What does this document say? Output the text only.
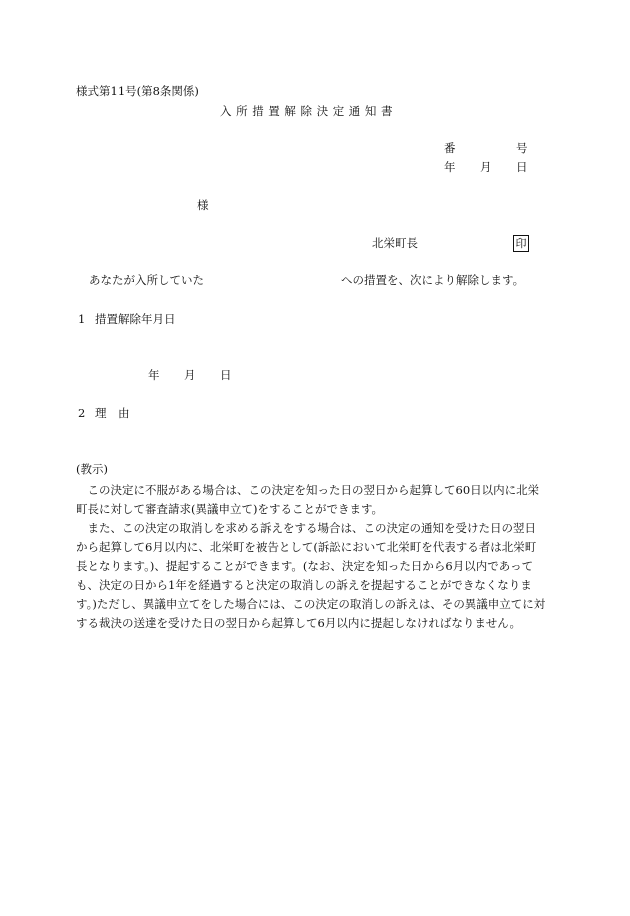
様式第11号(第8条関係)
入所措置解除決定通知書
番	号
年 月 日
様
北栄町長	印
あなたが入所していた	への措置を、次により解除します。
1 措置解除年月日
年 月 日
2 理　由
(教示)

この決定に不服がある場合は、この決定を知った日の翌日から起算して60日以内に北栄町長に対して審査請求(異議申立て)をすることができます。

また、この決定の取消しを求める訴えをする場合は、この決定の通知を受けた日の翌日から起算して6月以内に、北栄町を被告として(訴訟において北栄町を代表する者は北栄町長となります。)、提起することができます。(なお、決定を知った日から6月以内であっても、決定の日から1年を経過すると決定の取消しの訴えを提起することができなくなります。)ただし、異議申立てをした場合には、この決定の取消しの訴えは、その異議申立てに対する裁決の送達を受けた日の翌日から起算して6月以内に提起しなければなりません。
